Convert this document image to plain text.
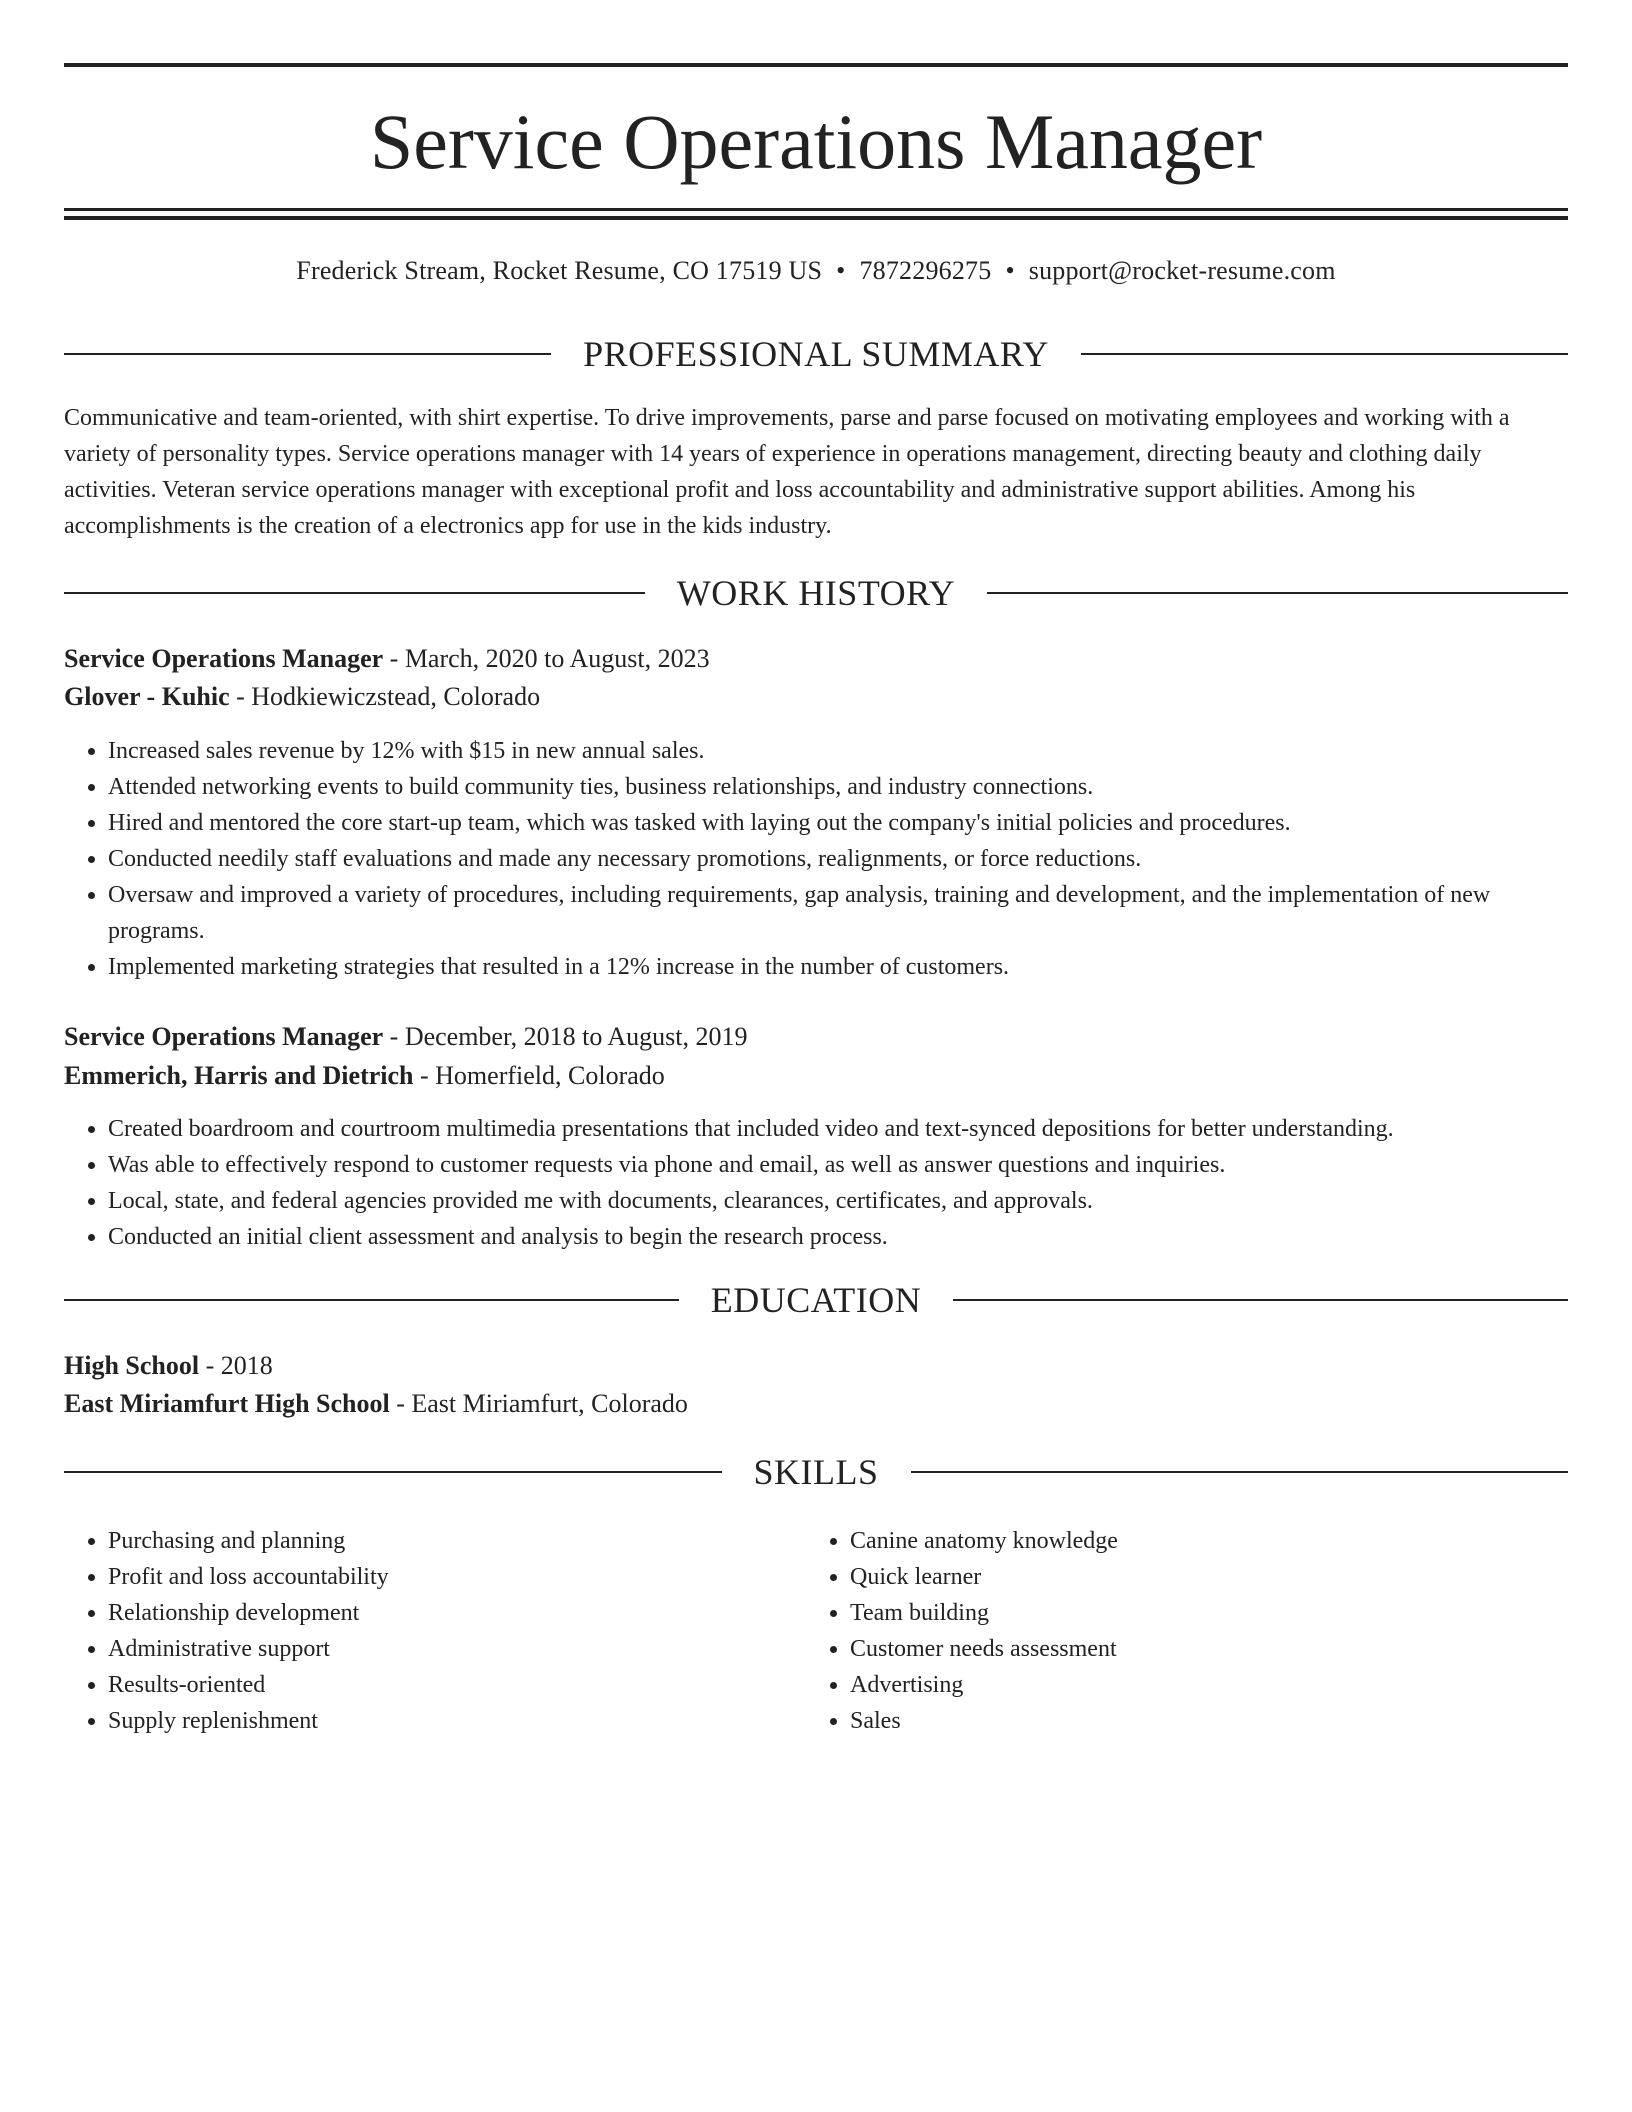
Service Operations Manager
Frederick Stream, Rocket Resume, CO 17519 US • 7872296275 • support@rocket-resume.com
PROFESSIONAL SUMMARY

Communicative and team-oriented, with shirt expertise. To drive improvements, parse and parse focused on motivating employees and working with a variety of personality types. Service operations manager with 14 years of experience in operations management, directing beauty and clothing daily activities. Veteran service operations manager with exceptional profit and loss accountability and administrative support abilities. Among his accomplishments is the creation of a electronics app for use in the kids industry.

WORK HISTORY
Service Operations Manager - March, 2020 to August, 2023
Glover - Kuhic - Hodkiewiczstead, Colorado
• Increased sales revenue by 12% with $15 in new annual sales.
• Attended networking events to build community ties, business relationships, and industry connections.
• Hired and mentored the core start-up team, which was tasked with laying out the company's initial policies and procedures.
• Conducted needily staff evaluations and made any necessary promotions, realignments, or force reductions.
• Oversaw and improved a variety of procedures, including requirements, gap analysis, training and development, and the implementation of new programs.
• Implemented marketing strategies that resulted in a 12% increase in the number of customers.
Service Operations Manager - December, 2018 to August, 2019
Emmerich, Harris and Dietrich - Homerfield, Colorado
• Created boardroom and courtroom multimedia presentations that included video and text-synced depositions for better understanding.
• Was able to effectively respond to customer requests via phone and email, as well as answer questions and inquiries.
• Local, state, and federal agencies provided me with documents, clearances, certificates, and approvals.
• Conducted an initial client assessment and analysis to begin the research process.
EDUCATION
High School - 2018
East Miriamfurt High School - East Miriamfurt, Colorado
SKILLS
• Purchasing and planning
• Profit and loss accountability
• Relationship development
• Administrative support
• Results-oriented
• Supply replenishment
• Canine anatomy knowledge
• Quick learner
• Team building
• Customer needs assessment
• Advertising
• Sales
